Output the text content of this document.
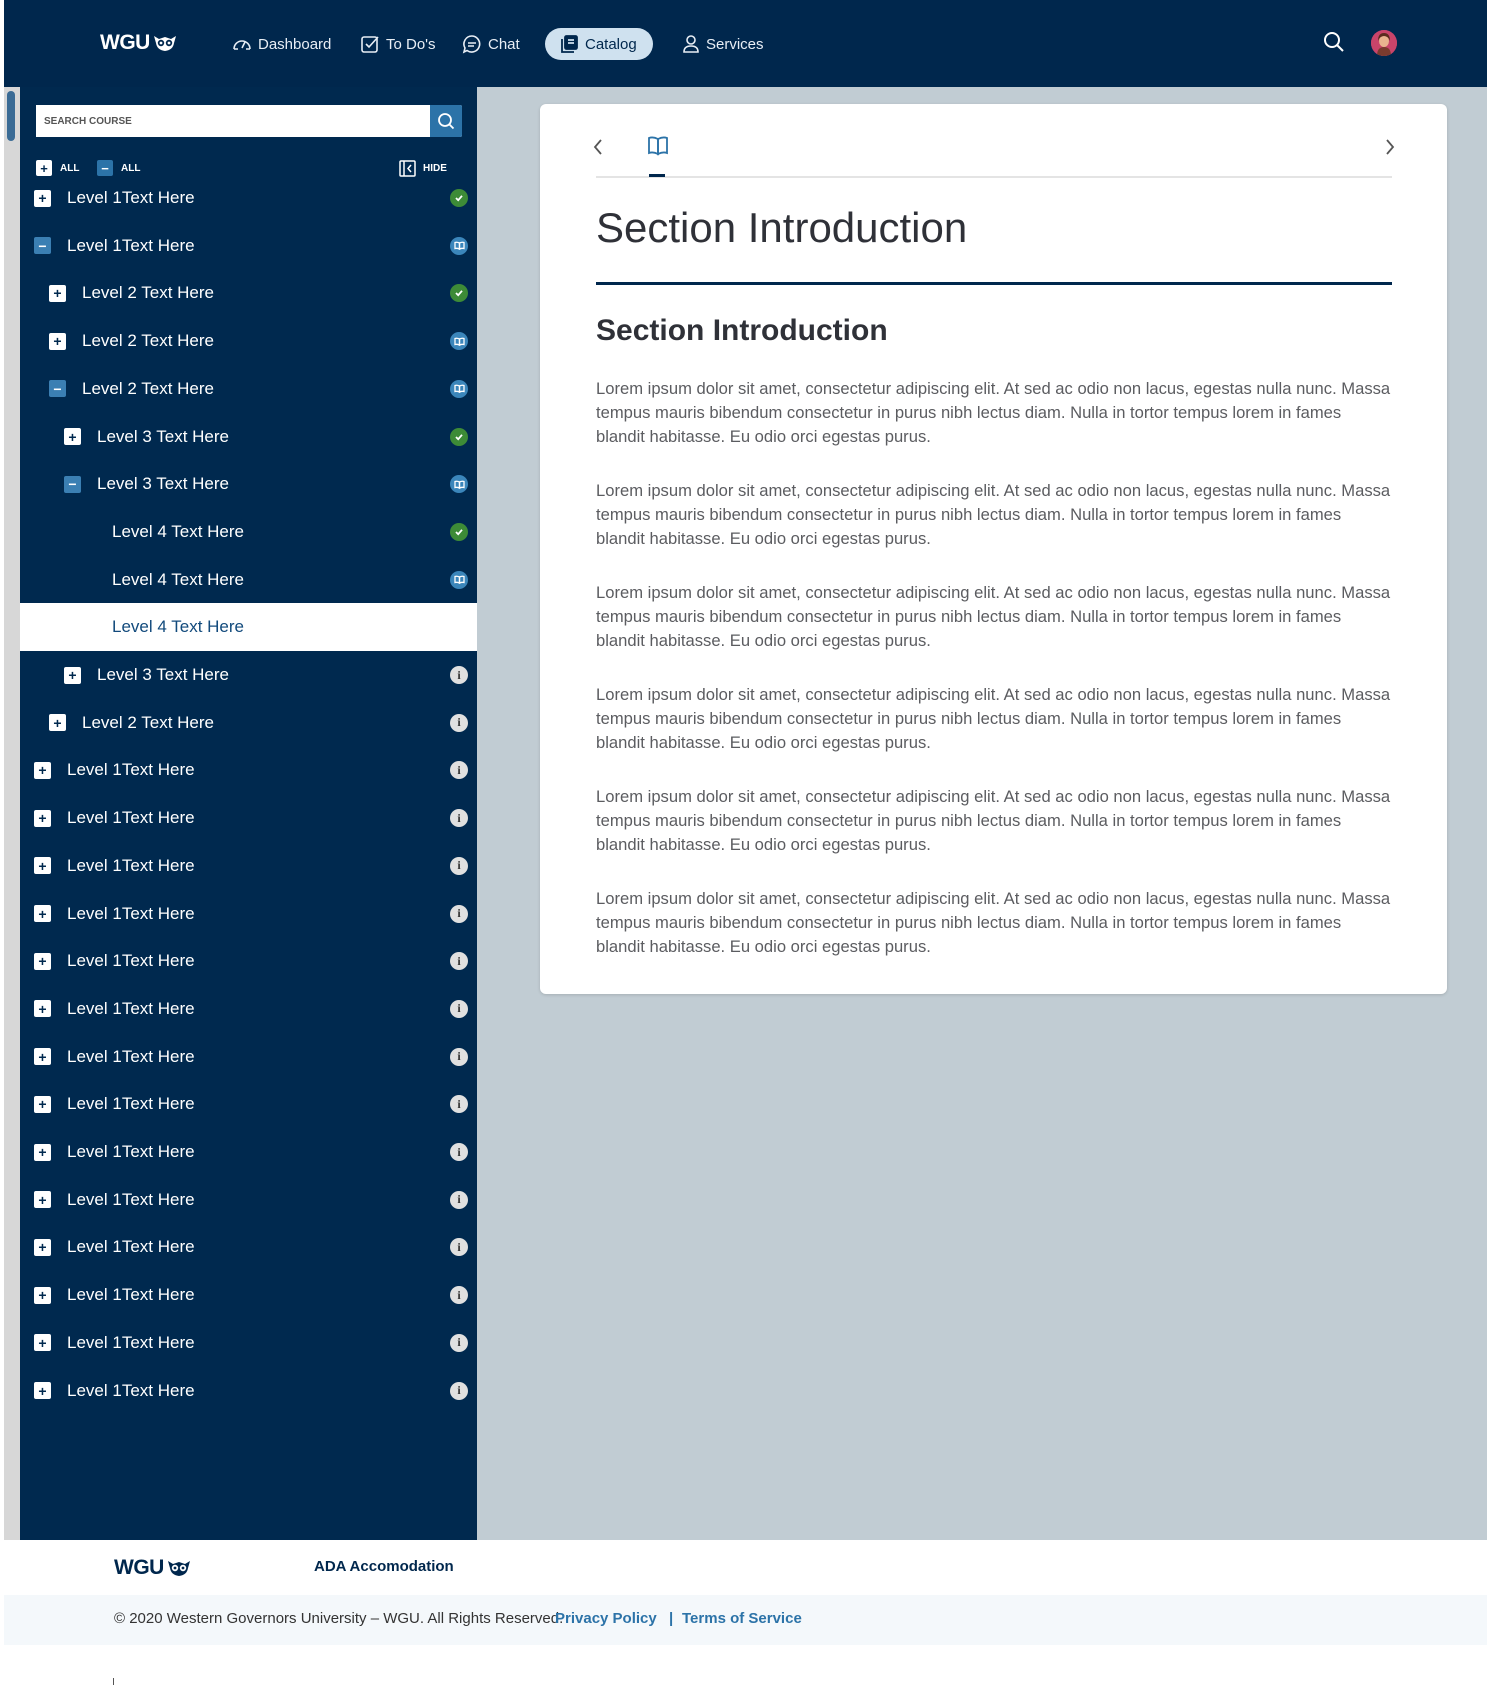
WGU	Dashboard	To Do's	Chat	Catalog	Services
SEARCH COURSE
+	ALL	−	ALL	HIDE
+ Level 1Text Here
− Level 1Text Here
+ Level 2 Text Here
+ Level 2 Text Here
− Level 2 Text Here
+ Level 3 Text Here
− Level 3 Text Here
Level 4 Text Here
Level 4 Text Here
Level 4 Text Here
+ Level 3 Text Here	i
+ Level 2 Text Here	i
+ Level 1Text Here	i
+ Level 1Text Here	i
+ Level 1Text Here	i
+ Level 1Text Here	i
+ Level 1Text Here	i
+ Level 1Text Here	i
+ Level 1Text Here	i
+ Level 1Text Here	i
+ Level 1Text Here	i
+ Level 1Text Here	i
+ Level 1Text Here	i
+ Level 1Text Here	i
+ Level 1Text Here	i
+ Level 1Text Here	i
Section Introduction
Section Introduction

Lorem ipsum dolor sit amet, consectetur adipiscing elit. At sed ac odio non lacus, egestas nulla nunc. Massa tempus mauris bibendum consectetur in purus nibh lectus diam. Nulla in tortor tempus lorem in fames blandit habitasse. Eu odio orci egestas purus.

Lorem ipsum dolor sit amet, consectetur adipiscing elit. At sed ac odio non lacus, egestas nulla nunc. Massa tempus mauris bibendum consectetur in purus nibh lectus diam. Nulla in tortor tempus lorem in fames blandit habitasse. Eu odio orci egestas purus.

Lorem ipsum dolor sit amet, consectetur adipiscing elit. At sed ac odio non lacus, egestas nulla nunc. Massa tempus mauris bibendum consectetur in purus nibh lectus diam. Nulla in tortor tempus lorem in fames blandit habitasse. Eu odio orci egestas purus.

Lorem ipsum dolor sit amet, consectetur adipiscing elit. At sed ac odio non lacus, egestas nulla nunc. Massa tempus mauris bibendum consectetur in purus nibh lectus diam. Nulla in tortor tempus lorem in fames blandit habitasse. Eu odio orci egestas purus.

Lorem ipsum dolor sit amet, consectetur adipiscing elit. At sed ac odio non lacus, egestas nulla nunc. Massa tempus mauris bibendum consectetur in purus nibh lectus diam. Nulla in tortor tempus lorem in fames blandit habitasse. Eu odio orci egestas purus.

Lorem ipsum dolor sit amet, consectetur adipiscing elit. At sed ac odio non lacus, egestas nulla nunc. Massa tempus mauris bibendum consectetur in purus nibh lectus diam. Nulla in tortor tempus lorem in fames blandit habitasse. Eu odio orci egestas purus.

WGU	ADA Accomodation
© 2020 Western Governors University – WGU. All Rights Reserved.
Privacy Policy | Terms of Service
